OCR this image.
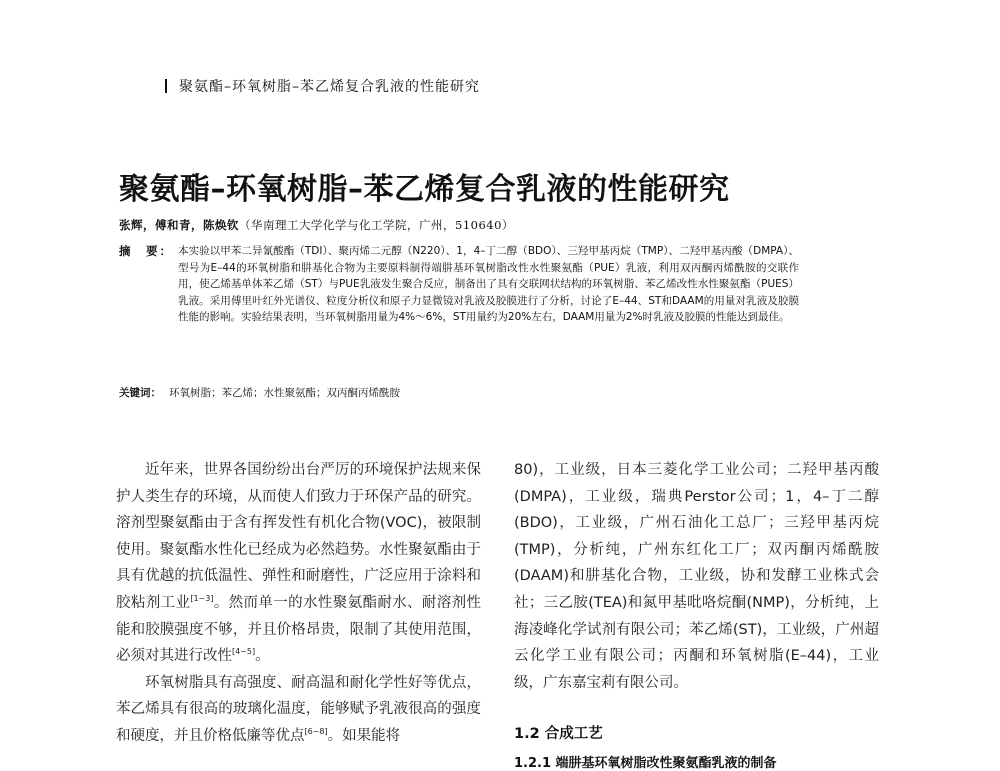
聚氨酯–环氧树脂–苯乙烯复合乳液的性能研究
聚氨酯–环氧树脂–苯乙烯复合乳液的性能研究
张辉，傅和青，陈焕钦（华南理工大学化学与化工学院，广州，510640）
摘　要： 本实验以甲苯二异氰酸酯（TDI）、聚丙烯二元醇（N220）、1，4–丁二醇（BDO）、三羟甲基丙烷（TMP）、二羟甲基丙酸（DMPA）、型号为E–44的环氧树脂和肼基化合物为主要原料制得端肼基环氧树脂改性水性聚氨酯（PUE）乳液，利用双丙酮丙烯酰胺的交联作用，使乙烯基单体苯乙烯（ST）与PUE乳液发生聚合反应，制备出了具有交联网状结构的环氧树脂、苯乙烯改性水性聚氨酯（PUES）乳液。采用傅里叶红外光谱仪、粒度分析仪和原子力显微镜对乳液及胶膜进行了分析，讨论了E–44、ST和DAAM的用量对乳液及胶膜性能的影响。实验结果表明，当环氧树脂用量为4%～6%，ST用量约为20%左右，DAAM用量为2%时乳液及胶膜的性能达到最佳。
关键词： 环氧树脂；苯乙烯；水性聚氨酯；双丙酮丙烯酰胺

近年来，世界各国纷纷出台严厉的环境保护法规来保护人类生存的环境，从而使人们致力于环保产品的研究。溶剂型聚氨酯由于含有挥发性有机化合物(VOC)，被限制使用。聚氨酯水性化已经成为必然趋势。水性聚氨酯由于具有优越的抗低温性、弹性和耐磨性，广泛应用于涂料和胶粘剂工业[1~3]。然而单一的水性聚氨酯耐水、耐溶剂性能和胶膜强度不够，并且价格昂贵，限制了其使用范围，必须对其进行改性[4~5]。

环氧树脂具有高强度、耐高温和耐化学性好等优点，苯乙烯具有很高的玻璃化温度，能够赋予乳液很高的强度和硬度，并且价格低廉等优点[6~8]。如果能将

80)，工业级，日本三菱化学工业公司；二羟甲基丙酸(DMPA)，工业级，瑞典Perstor公司；1，4–丁二醇(BDO)，工业级，广州石油化工总厂；三羟甲基丙烷(TMP)，分析纯，广州东红化工厂；双丙酮丙烯酰胺(DAAM)和肼基化合物，工业级，协和发酵工业株式会社；三乙胺(TEA)和氮甲基吡咯烷酮(NMP)，分析纯，上海凌峰化学试剂有限公司；苯乙烯(ST)，工业级，广州超云化学工业有限公司；丙酮和环氧树脂(E–44)，工业级，广东嘉宝莉有限公司。

1.2 合成工艺
1.2.1 端肼基环氧树脂改性聚氨酯乳液的制备
